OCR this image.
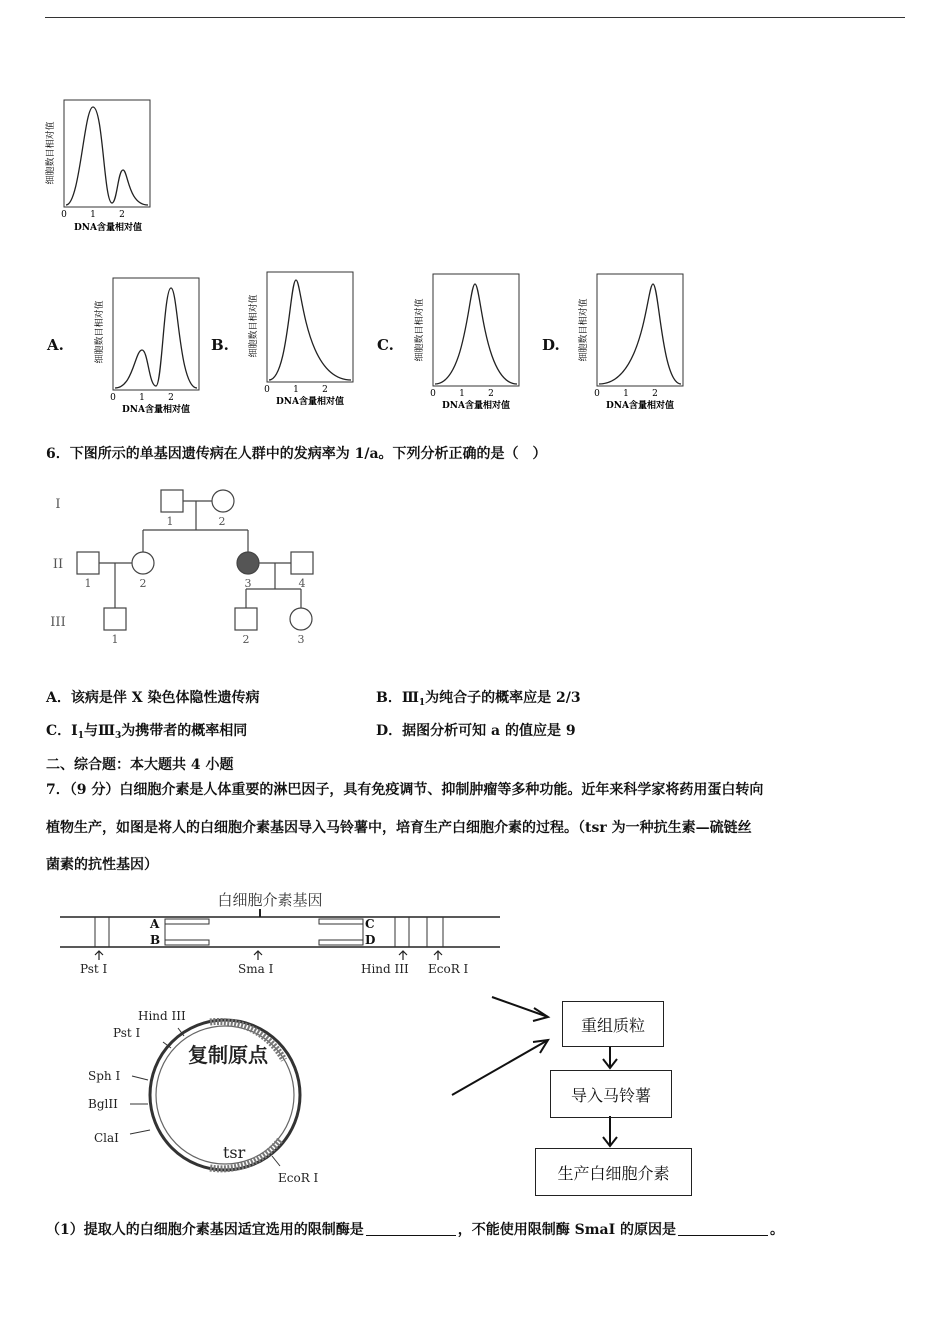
细胞数目相对值
0	1	2
DNA含量相对值
A.	细胞数目相对值
0	1	2
DNA含量相对值
B. 细胞数目相对值
0	1	2
DNA含量相对值
C. 细胞数目相对值
0	1	2
DNA含量相对值
D. 细胞数目相对值
0	1	2
DNA含量相对值
6．下图所示的单基因遗传病在人群中的发病率为 1/a。下列分析正确的是（　）
I
II
III
1	2
1	2	3	4
1	2	3
A．该病是伴 X 染色体隐性遗传病	B．$Ⅲ_1$为纯合子的概率应是 2/3
C．$Ⅰ_1$与$Ⅲ_3$为携带者的概率相同	D．据图分析可知 a 的值应是 9
二、综合题：本大题共 4 小题
7．（9 分）白细胞介素是人体重要的淋巴因子，具有免疫调节、抑制肿瘤等多种功能。近年来科学家将药用蛋白转向
植物生产，如图是将人的白细胞介素基因导入马铃薯中，培育生产白细胞介素的过程。（tsr 为一种抗生素—硫链丝
菌素的抗性基因）
白细胞介素基因
A
B
C
D
Pst I	Sma I	Hind III EcoR I
Hind III
Pst I
Sph I
BglII
ClaI
EcoR I
复制原点
tsr
重组质粒
导入马铃薯
生产白细胞介素
（1）提取人的白细胞介素基因适宜选用的限制酶是	，不能使用限制酶 SmaI 的原因是	。
